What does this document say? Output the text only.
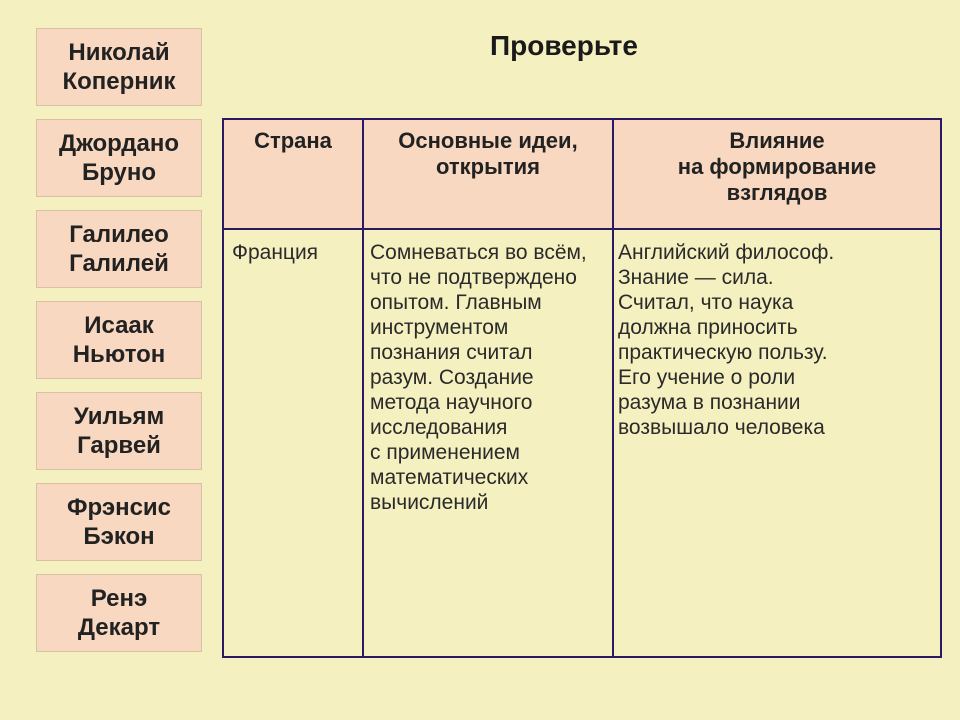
Николай
Коперник
Джордано
Бруно
Галилео
Галилей
Исаак
Ньютон
Уильям
Гарвей
Фрэнсис
Бэкон
Ренэ
Декарт
Проверьте
Страна	Основные идеи,
открытия
Влияние
на формирование
взглядов
Франция	Сомневаться во всём,
что не подтверждено
опытом. Главным
инструментом
познания считал
разум. Создание
метода научного
исследования
с применением
математических
вычислений
Английский философ.
Знание — сила.
Считал, что наука
должна приносить
практическую пользу.
Его учение о роли
разума в познании
возвышало человека
